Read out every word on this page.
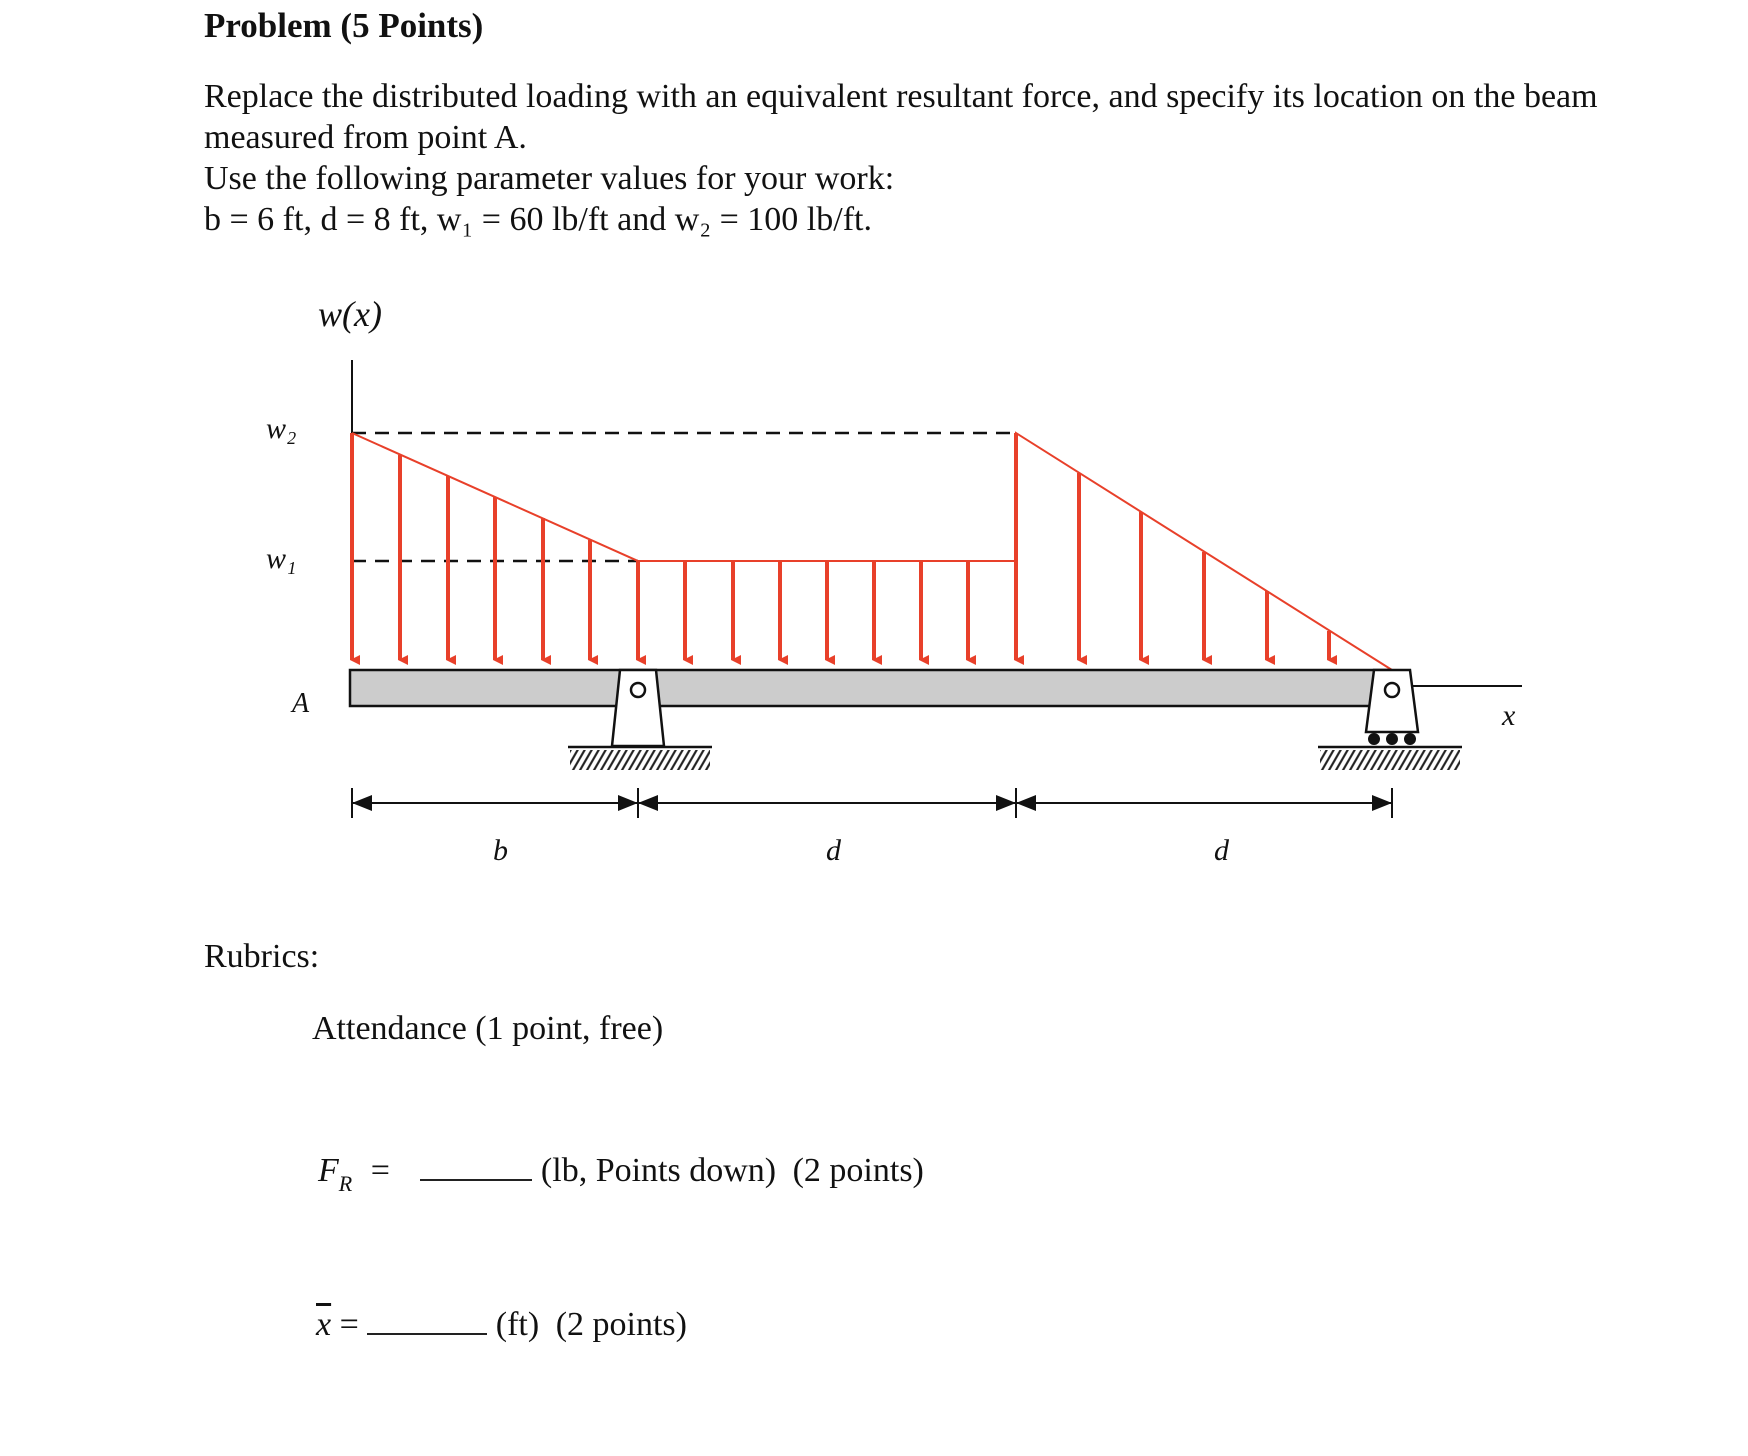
Problem (5 Points)

Replace the distributed loading with an equivalent resultant force, and specify its location on the beam measured from point A.

Use the following parameter values for your work:

b = 6 ft, d = 8 ft, w₁ = 60 lb/ft and w₂ = 100 lb/ft.

w(x)
w₂
w₁
x
A
b	d	d
Rubrics:
Attendance (1 point, free)
$F_R$ =	(lb, Points down) (2 points)
$\overline{x}$ =	(ft) (2 points)
